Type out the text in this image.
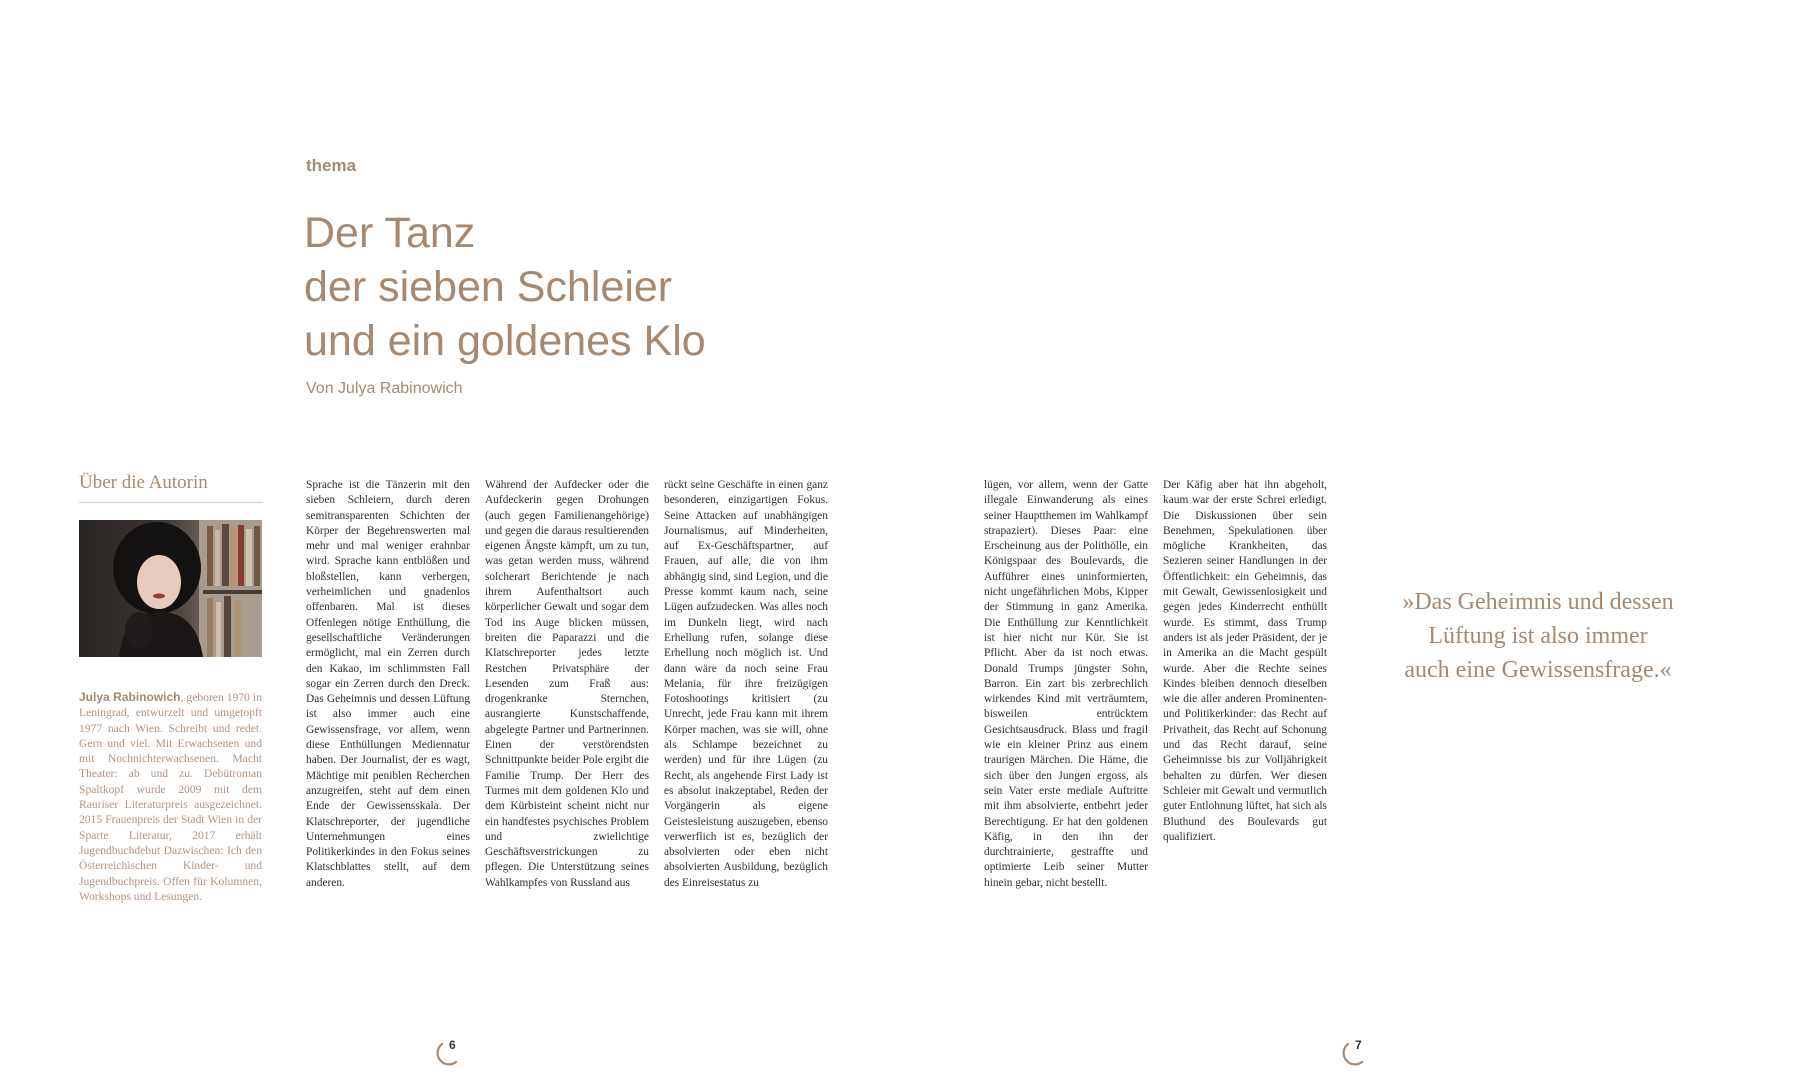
thema
Der Tanz
der sieben Schleier
und ein goldenes Klo
Von Julya Rabinowich
Über die Autorin
Julya Rabinowich, geboren 1970 in Leningrad, entwurzelt und umgetopft 1977 nach Wien. Schreibt und redet. Gern und viel. Mit Erwachsenen und mit Nochnichterwachsenen. Macht Theater: ab und zu. Debütroman Spaltkopf wurde 2009 mit dem Rauriser Literaturpreis ausgezeichnet. 2015 Frauenpreis der Stadt Wien in der Sparte Literatur, 2017 erhält Jugendbuchdebut Dazwischen: Ich den Österreichischen Kinder- und Jugendbuchpreis. Offen für Kolumnen, Workshops und Lesungen.
Sprache ist die Tänzerin mit den sieben Schleiern, durch deren semitransparenten Schichten der Körper der Begehrenswerten mal mehr und mal weniger erahnbar wird. Sprache kann entblößen und bloßstellen, kann verbergen, verheimlichen und gnadenlos offenbaren. Mal ist dieses Offenlegen nötige Enthüllung, die gesellschaftliche Veränderungen ermöglicht, mal ein Zerren durch den Kakao, im schlimmsten Fall sogar ein Zerren durch den Dreck. Das Geheimnis und dessen Lüftung ist also immer auch eine Gewissensfrage, vor allem, wenn diese Enthüllungen Mediennatur haben. Der Journalist, der es wagt, Mächtige mit peniblen Recherchen anzugreifen, steht auf dem einen Ende der Gewissensskala. Der Klatschreporter, der jugendliche Unternehmungen eines Politikerkindes in den Fokus seines Klatschblattes stellt, auf dem anderen.
Während der Aufdecker oder die Aufdeckerin gegen Drohungen (auch gegen Familienangehörige) und gegen die daraus resultierenden eigenen Ängste kämpft, um zu tun, was getan werden muss, während solcherart Berichtende je nach ihrem Aufenthaltsort auch körperlicher Gewalt und sogar dem Tod ins Auge blicken müssen, breiten die Paparazzi und die Klatschreporter jedes letzte Restchen Privatsphäre der Lesenden zum Fraß aus: drogenkranke Sternchen, ausrangierte Kunstschaffende, abgelegte Partner und Partnerinnen. Einen der verstörendsten Schnittpunkte beider Pole ergibt die Familie Trump. Der Herr des Turmes mit dem goldenen Klo und dem Kürbisteint scheint nicht nur ein handfestes psychisches Problem und zwielichtige Geschäftsverstrickungen zu pflegen. Die Unterstützung seines Wahlkampfes von Russland aus
rückt seine Geschäfte in einen ganz besonderen, einzigartigen Fokus. Seine Attacken auf unabhängigen Journalismus, auf Minderheiten, auf Ex-Geschäftspartner, auf Frauen, auf alle, die von ihm abhängig sind, sind Legion, und die Presse kommt kaum nach, seine Lügen aufzudecken. Was alles noch im Dunkeln liegt, wird nach Erhellung rufen, solange diese Erhellung noch möglich ist. Und dann wäre da noch seine Frau Melania, für ihre freizügigen Fotoshootings kritisiert (zu Unrecht, jede Frau kann mit ihrem Körper machen, was sie will, ohne als Schlampe bezeichnet zu werden) und für ihre Lügen (zu Recht, als angehende First Lady ist es absolut inakzeptabel, Reden der Vorgängerin als eigene Geistesleistung auszugeben, ebenso verwerflich ist es, bezüglich der absolvierten oder eben nicht absolvierten Ausbildung, bezüglich des Einreisestatus zu
lügen, vor allem, wenn der Gatte illegale Einwanderung als eines seiner Hauptthemen im Wahlkampf strapaziert). Dieses Paar: eine Erscheinung aus der Polithölle, ein Königspaar des Boulevards, die Aufführer eines uninformierten, nicht ungefährlichen Mobs, Kipper der Stimmung in ganz Amerika. Die Enthüllung zur Kenntlichkeit ist hier nicht nur Kür. Sie ist Pflicht. Aber da ist noch etwas. Donald Trumps jüngster Sohn, Barron. Ein zart bis zerbrechlich wirkendes Kind mit verträumtem, bisweilen entrücktem Gesichtsausdruck. Blass und fragil wie ein kleiner Prinz aus einem traurigen Märchen. Die Häme, die sich über den Jungen ergoss, als sein Vater erste mediale Auftritte mit ihm absolvierte, entbehrt jeder Berechtigung. Er hat den goldenen Käfig, in den ihn der durchtrainierte, gestraffte und optimierte Leib seiner Mutter hinein gebar, nicht bestellt.
Der Käfig aber hat ihn abgeholt, kaum war der erste Schrei erledigt. Die Diskussionen über sein Benehmen, Spekulationen über mögliche Krankheiten, das Sezieren seiner Handlungen in der Öffentlichkeit: ein Geheimnis, das mit Gewalt, Gewissenlosigkeit und gegen jedes Kinderrecht enthüllt wurde. Es stimmt, dass Trump anders ist als jeder Präsident, der je in Amerika an die Macht gespült wurde. Aber die Rechte seines Kindes bleiben dennoch dieselben wie die aller anderen Prominenten- und Politikerkinder: das Recht auf Privatheit, das Recht auf Schonung und das Recht darauf, seine Geheimnisse bis zur Volljährigkeit behalten zu dürfen. Wer diesen Schleier mit Gewalt und vermutlich guter Entlohnung lüftet, hat sich als Bluthund des Boulevards gut qualifiziert.
»Das Geheimnis und dessen
Lüftung ist also immer
auch eine Gewissensfrage.«
6	7
